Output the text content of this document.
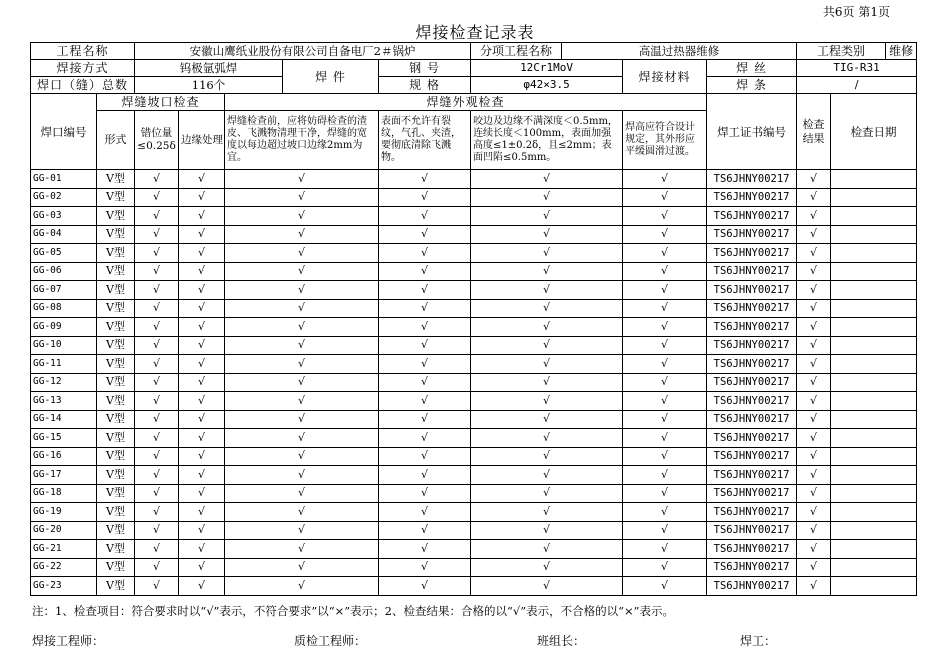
共6页 第1页
焊接检查记录表
工程名称		安徽山鹰纸业股份有限公司自备电厂2＃锅炉					分项工程名称 高温过热器维修			工程类别 维修	

焊接方式		钨极氩弧焊			焊 件	钢 号	12Cr1MoV	焊接材料	焊 丝	TIG-R31	
焊口（缝）总数		116个				规 格	φ42×3.5		焊 条	/	
焊口编号	焊缝坡口检查			焊缝外观检查					焊工证书编号	检查结果	检查日期
	形式	错位量≤0.25δ	边缘处理	焊缝检查前，应将妨碍检查的渣皮、飞溅物清理干净，焊缝的宽度以每边超过坡口边缘2mm为宜。		表面不允许有裂纹，气孔、夹渣，要彻底清除飞溅物。	咬边及边缘不满深度＜0.5mm，连续长度＜100mm，表面加强高度≤1±0.2δ，且≤2mm；表面凹陷≤0.5mm。	焊高应符合设计规定，其外形应平缓圆滑过渡。			
GG-01	V型	√	√	√		√	√	√	TS6JHNY00217	√	
GG-02	V型	√	√	√		√	√	√	TS6JHNY00217	√	
GG-03	V型	√	√	√		√	√	√	TS6JHNY00217	√	
GG-04	V型	√	√	√		√	√	√	TS6JHNY00217	√	
GG-05	V型	√	√	√		√	√	√	TS6JHNY00217	√	
GG-06	V型	√	√	√		√	√	√	TS6JHNY00217	√	
GG-07	V型	√	√	√		√	√	√	TS6JHNY00217	√	
GG-08	V型	√	√	√		√	√	√	TS6JHNY00217	√	
GG-09	V型	√	√	√		√	√	√	TS6JHNY00217	√	
GG-10	V型	√	√	√		√	√	√	TS6JHNY00217	√	
GG-11	V型	√	√	√		√	√	√	TS6JHNY00217	√	
GG-12	V型	√	√	√		√	√	√	TS6JHNY00217	√	
GG-13	V型	√	√	√		√	√	√	TS6JHNY00217	√	
GG-14	V型	√	√	√		√	√	√	TS6JHNY00217	√	
GG-15	V型	√	√	√		√	√	√	TS6JHNY00217	√	
GG-16	V型	√	√	√		√	√	√	TS6JHNY00217	√	
GG-17	V型	√	√	√		√	√	√	TS6JHNY00217	√	
GG-18	V型	√	√	√		√	√	√	TS6JHNY00217	√	
GG-19	V型	√	√	√		√	√	√	TS6JHNY00217	√	
GG-20	V型	√	√	√		√	√	√	TS6JHNY00217	√	
GG-21	V型	√	√	√		√	√	√	TS6JHNY00217	√	
GG-22	V型	√	√	√		√	√	√	TS6JHNY00217	√	
GG-23	V型	√	√	√		√	√	√	TS6JHNY00217	√	
注：1、检查项目：符合要求时以“√”表示，不符合要求”以“×”表示；2、检查结果：合格的以“√”表示，不合格的以“×”表示。
焊接工程师：	质检工程师：	班组长：	焊工：
